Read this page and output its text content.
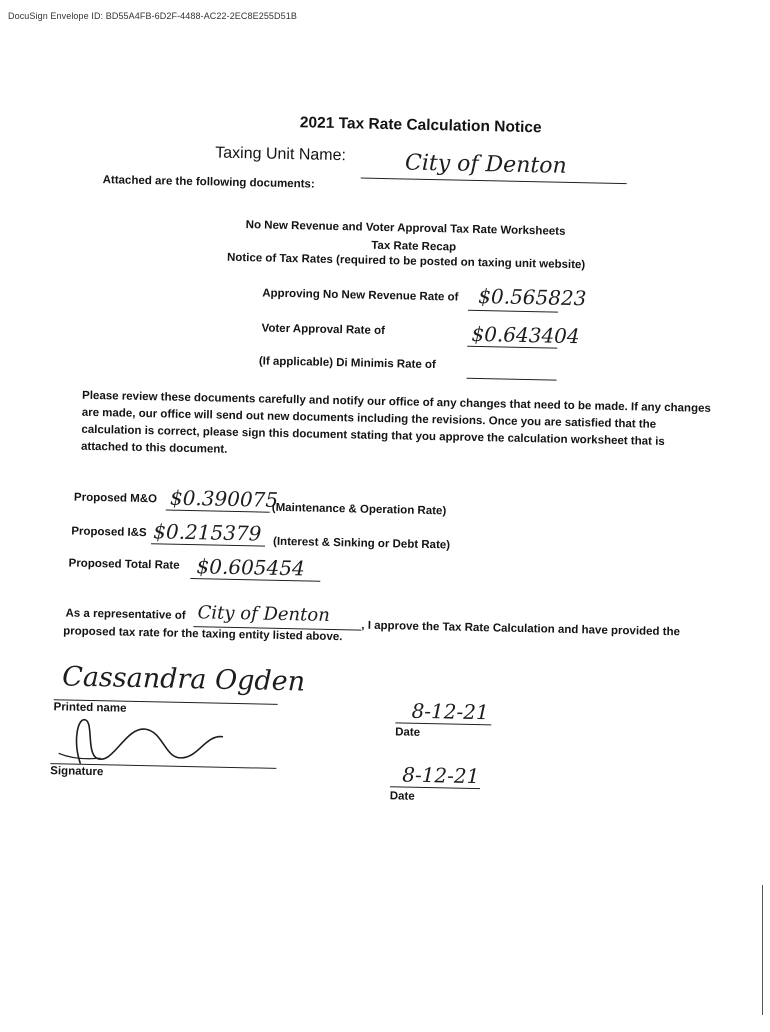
DocuSign Envelope ID: BD55A4FB-6D2F-4488-AC22-2EC8E255D51B
2021 Tax Rate Calculation Notice
Taxing Unit Name:	City of Denton
Attached are the following documents:
No New Revenue and Voter Approval Tax Rate Worksheets
Tax Rate Recap
Notice of Tax Rates (required to be posted on taxing unit website)
Approving No New Revenue Rate of $0.565823
Voter Approval Rate of	$0.643404
(If applicable) Di Minimis Rate of
Please review these documents carefully and notify our office of any changes that need to be made. If any changes are made, our office will send out new documents including the revisions. Once you are satisfied that the calculation is correct, please sign this document stating that you approve the calculation worksheet that is attached to this document.
Proposed M&O $0.390075
(Maintenance & Operation Rate)
Proposed I&S $0.215379 (Interest & Sinking or Debt Rate)
Proposed Total Rate $0.605454
As a representative of City of Denton
, I approve the Tax Rate Calculation and have provided the
proposed tax rate for the taxing entity listed above.
Cassandra Ogden
Printed name
Signature
8-12-21
Date
8-12-21
Date
